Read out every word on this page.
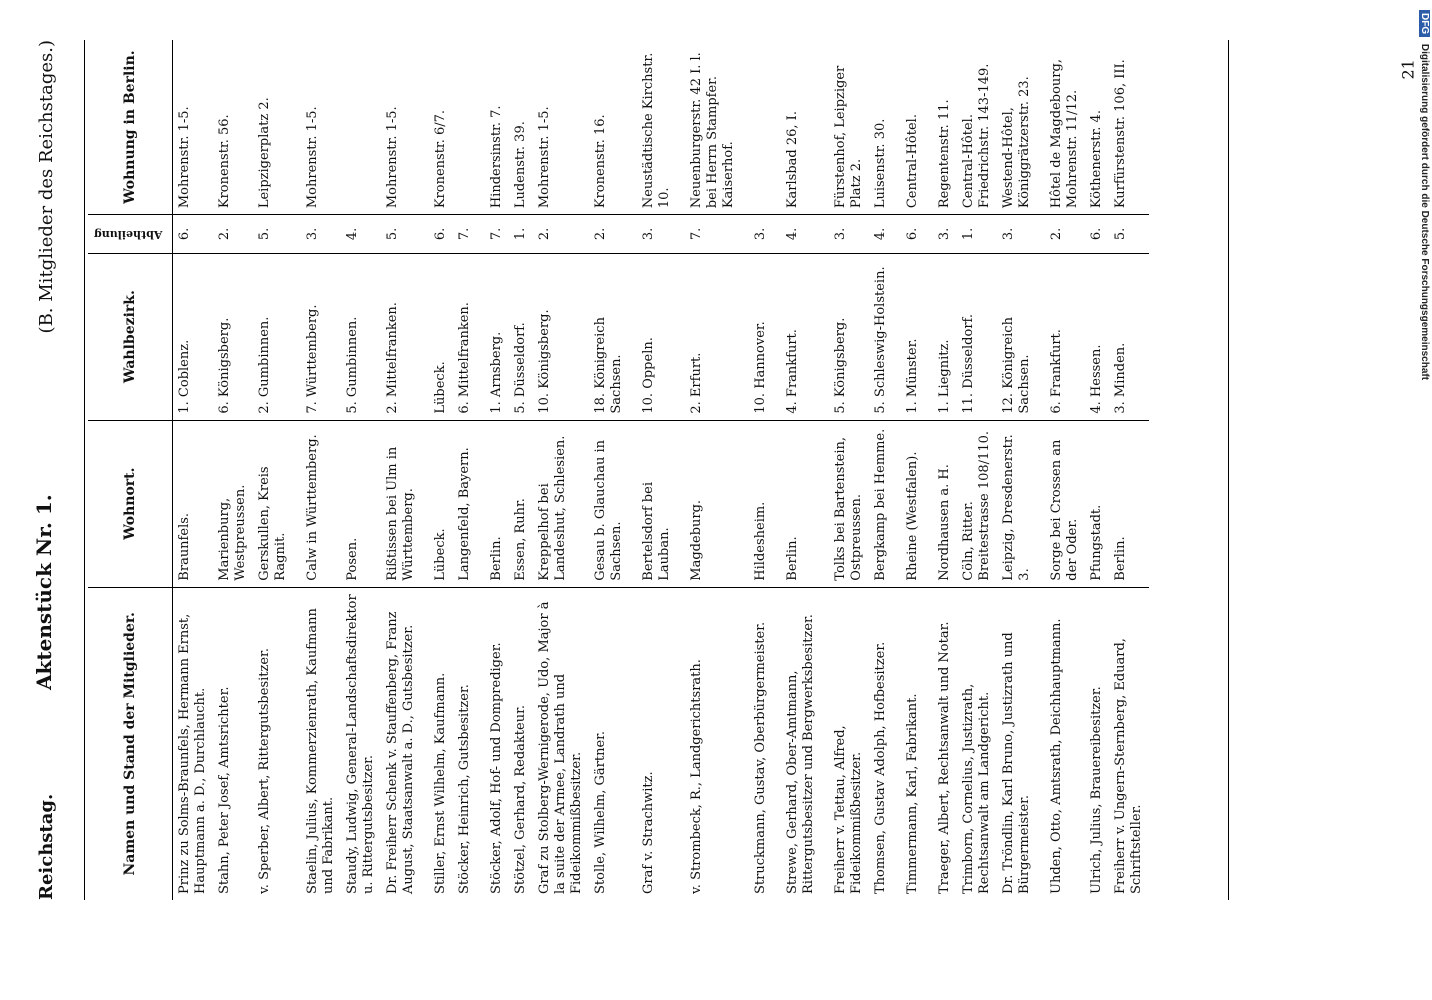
Reichstag.
Aktenstück Nr. 1.
(B. Mitglieder des Reichstages.)
Namen und Stand der Mitglieder.	Wohnort.	Wahlbezirk.	Abtheilung	Wohnung in Berlin.
Prinz zu Solms-Braunfels, Hermann Ernst, Hauptmann a. D., Durchlaucht.	Braunfels.	1. Coblenz.	6.	Mohrenstr. 1-5.
Stahn, Peter Josef, Amtsrichter.	Marienburg, Westpreussen.	6. Königsberg.	2.	Kronenstr. 56.
v. Sperber, Albert, Rittergutsbesitzer.	Gerskullen, Kreis Ragnit.	2. Gumbinnen.	5.	Leipzigerplatz 2.
Staelin, Julius, Kommerzienrath, Kaufmann und Fabrikant.	Calw in Württemberg.	7. Württemberg.	3.	Mohrenstr. 1-5.
Staudy, Ludwig, General-Landschaftsdirektor u. Rittergutsbesitzer.	Posen.	5. Gumbinnen.	4.	
Dr. Freiherr Schenk v. Stauffenberg, Franz August, Staatsanwalt a. D., Gutsbesitzer.	Rißtissen bei Ulm in Württemberg.	2. Mittelfranken.	5.	Mohrenstr. 1-5.
Stiller, Ernst Wilhelm, Kaufmann.	Lübeck.	Lübeck.	6.	Kronenstr. 6/7.
Stöcker, Heinrich, Gutsbesitzer.	Langenfeld, Bayern.	6. Mittelfranken.	7.	
Stöcker, Adolf, Hof- und Domprediger.	Berlin.	1. Arnsberg.	7.	Hindersinstr. 7.
Stötzel, Gerhard, Redakteur.	Essen, Ruhr.	5. Düsseldorf.	1.	Ludenstr. 39.
Graf zu Stolberg-Wernigerode, Udo, Major à la suite der Armee, Landrath und Fideikommißbesitzer.	Kreppelhof bei Landeshut, Schlesien.	10. Königsberg.	2.	Mohrenstr. 1-5.
Stolle, Wilhelm, Gärtner.	Gesau b. Glauchau in Sachsen.	18. Königreich Sachsen.	2.	Kronenstr. 16.
Graf v. Strachwitz.	Bertelsdorf bei Lauban.	10. Oppeln.	3.	Neustädtische Kirchstr. 10.
v. Strombeck, R., Landgerichtsrath.	Magdeburg.	2. Erfurt.	7.	Neuenburgerstr. 42 I. l. bei Herrn Stampfer. Kaiserhof.
Struckmann, Gustav, Oberbürgermeister.	Hildesheim.	10. Hannover.	3.	
Strewe, Gerhard, Ober-Amtmann, Rittergutsbesitzer und Bergwerksbesitzer.	Berlin.	4. Frankfurt.	4.	Karlsbad 26, I.
Freiherr v. Tettau, Alfred, Fideikommißbesitzer.	Tolks bei Bartenstein, Ostpreussen.	5. Königsberg.	3.	Fürstenhof, Leipziger Platz 2.
Thomsen, Gustav Adolph, Hofbesitzer.	Bergkamp bei Hemme.	5. Schleswig-Holstein.	4.	Luisenstr. 30.
Timmermann, Karl, Fabrikant.	Rheine (Westfalen).	1. Münster.	6.	Central-Hôtel.
Traeger, Albert, Rechtsanwalt und Notar.	Nordhausen a. H.	1. Liegnitz.	3.	Regentenstr. 11.
Trimborn, Cornelius, Justizrath, Rechtsanwalt am Landgericht.	Cöln, Ritter. Breitestrasse 108/110.	11. Düsseldorf.	1.	Central-Hôtel. Friedrichstr. 143-149.
Dr. Tröndlin, Karl Bruno, Justizrath und Bürgermeister.	Leipzig, Dresdenerstr. 3.	12. Königreich Sachsen.	3.	Westend-Hôtel, Königgrätzerstr. 23.
Uhden, Otto, Amtsrath, Deichhauptmann.	Sorge bei Crossen an der Oder.	6. Frankfurt.	2.	Hôtel de Magdebourg, Mohrenstr. 11/12.
Ulrich, Julius, Brauereibesitzer.	Pfungstadt.	4. Hessen.	6.	Köthenerstr. 4.
Freiherr v. Ungern-Sternberg, Eduard, Schriftsteller.	Berlin.	3. Minden.	5.	Kurfürstenstr. 106, III.	21
DFG Digitalisierung gefördert durch die Deutsche Forschungsgemeinschaft
